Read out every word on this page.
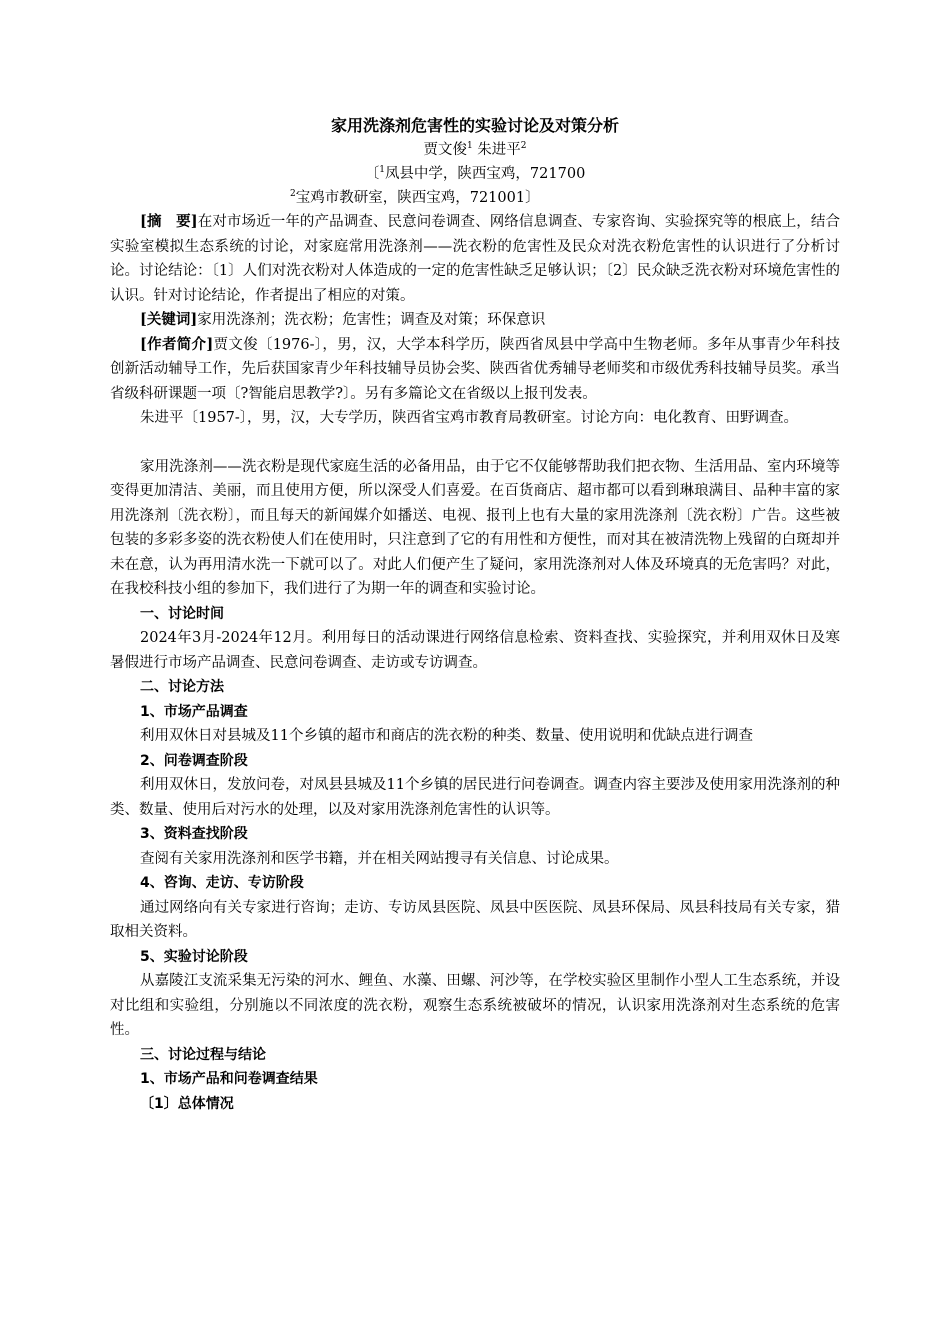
家用洗涤剂危害性的实验讨论及对策分析
贾文俊$^1$ 朱进平$^2$
〔$^1$凤县中学，陕西宝鸡，721700
$^2$宝鸡市教研室，陕西宝鸡，721001〕

[摘　要]在对市场近一年的产品调查、民意问卷调查、网络信息调查、专家咨询、实验探究等的根底上，结合实验室模拟生态系统的讨论，对家庭常用洗涤剂——洗衣粉的危害性及民众对洗衣粉危害性的认识进行了分析讨论。讨论结论：〔1〕人们对洗衣粉对人体造成的一定的危害性缺乏足够认识；〔2〕民众缺乏洗衣粉对环境危害性的认识。针对讨论结论，作者提出了相应的对策。

[关键词]家用洗涤剂；洗衣粉；危害性；调查及对策；环保意识

[作者简介]贾文俊〔1976-〕，男，汉，大学本科学历，陕西省凤县中学高中生物老师。多年从事青少年科技创新活动辅导工作，先后获国家青少年科技辅导员协会奖、陕西省优秀辅导老师奖和市级优秀科技辅导员奖。承当省级科研课题一项〔?智能启思教学?〕。另有多篇论文在省级以上报刊发表。

朱进平〔1957-〕，男，汉，大专学历，陕西省宝鸡市教育局教研室。讨论方向：电化教育、田野调查。

家用洗涤剂——洗衣粉是现代家庭生活的必备用品，由于它不仅能够帮助我们把衣物、生活用品、室内环境等变得更加清洁、美丽，而且使用方便，所以深受人们喜爱。在百货商店、超市都可以看到琳琅满目、品种丰富的家用洗涤剂〔洗衣粉〕，而且每天的新闻媒介如播送、电视、报刊上也有大量的家用洗涤剂〔洗衣粉〕广告。这些被包装的多彩多姿的洗衣粉使人们在使用时，只注意到了它的有用性和方便性，而对其在被清洗物上残留的白斑却并未在意，认为再用清水洗一下就可以了。对此人们便产生了疑问，家用洗涤剂对人体及环境真的无危害吗？对此，在我校科技小组的参加下，我们进行了为期一年的调查和实验讨论。

一、讨论时间

2024年3月-2024年12月。利用每日的活动课进行网络信息检索、资料查找、实验探究，并利用双休日及寒暑假进行市场产品调查、民意问卷调查、走访或专访调查。

二、讨论方法
1、市场产品调查

利用双休日对县城及11个乡镇的超市和商店的洗衣粉的种类、数量、使用说明和优缺点进行调查

2、问卷调查阶段

利用双休日，发放问卷，对凤县县城及11个乡镇的居民进行问卷调查。调查内容主要涉及使用家用洗涤剂的种类、数量、使用后对污水的处理，以及对家用洗涤剂危害性的认识等。

3、资料查找阶段

查阅有关家用洗涤剂和医学书籍，并在相关网站搜寻有关信息、讨论成果。

4、咨询、走访、专访阶段

通过网络向有关专家进行咨询；走访、专访凤县医院、凤县中医医院、凤县环保局、凤县科技局有关专家，猎取相关资料。

5、实验讨论阶段

从嘉陵江支流采集无污染的河水、鲤鱼、水藻、田螺、河沙等，在学校实验区里制作小型人工生态系统，并设对比组和实验组，分别施以不同浓度的洗衣粉，观察生态系统被破坏的情况，认识家用洗涤剂对生态系统的危害性。

三、讨论过程与结论
1、市场产品和问卷调查结果
〔1〕总体情况
